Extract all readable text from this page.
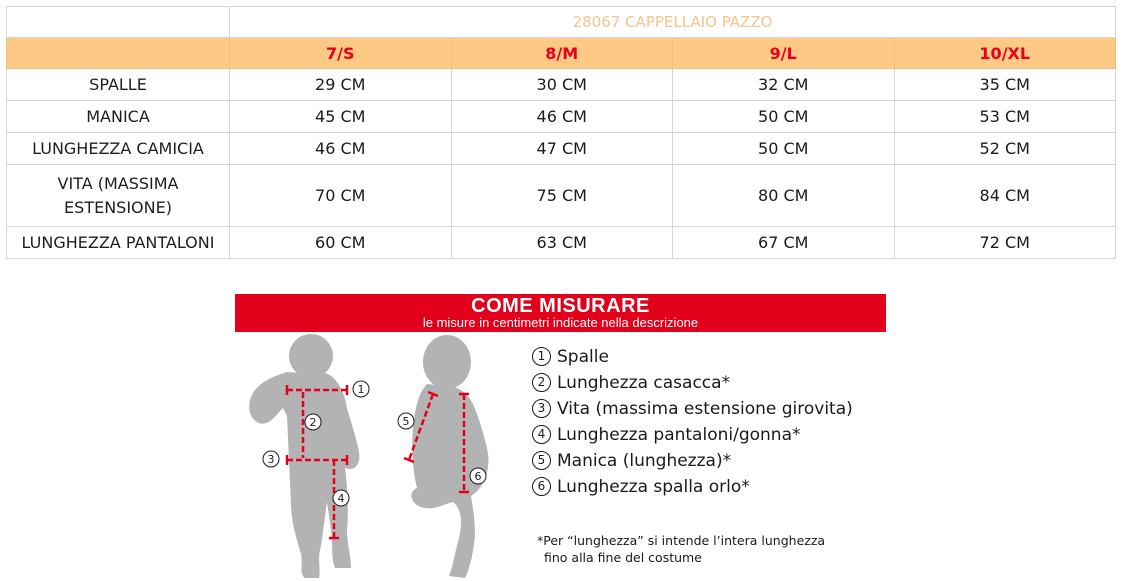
	28067 CAPPELLAIO PAZZO			
	7/S	8/M	9/L	10/XL
SPALLE	29 CM	30 CM	32 CM	35 CM
MANICA	45 CM	46 CM	50 CM	53 CM
LUNGHEZZA CAMICIA	46 CM	47 CM	50 CM	52 CM
VITA (MASSIMA
ESTENSIONE)	70 CM	75 CM	80 CM	84 CM
LUNGHEZZA PANTALONI	60 CM	63 CM	67 CM	72 CM
COME MISURARE
le misure in centimetri indicate nella descrizione
1
2
3
4
5
6
1 Spalle
2 Lunghezza casacca*
3 Vita (massima estensione girovita)
4 Lunghezza pantaloni/gonna*
5 Manica (lunghezza)*
6 Lunghezza spalla orlo*
*Per “lunghezza” si intende l’intera lunghezza
fino alla fine del costume
